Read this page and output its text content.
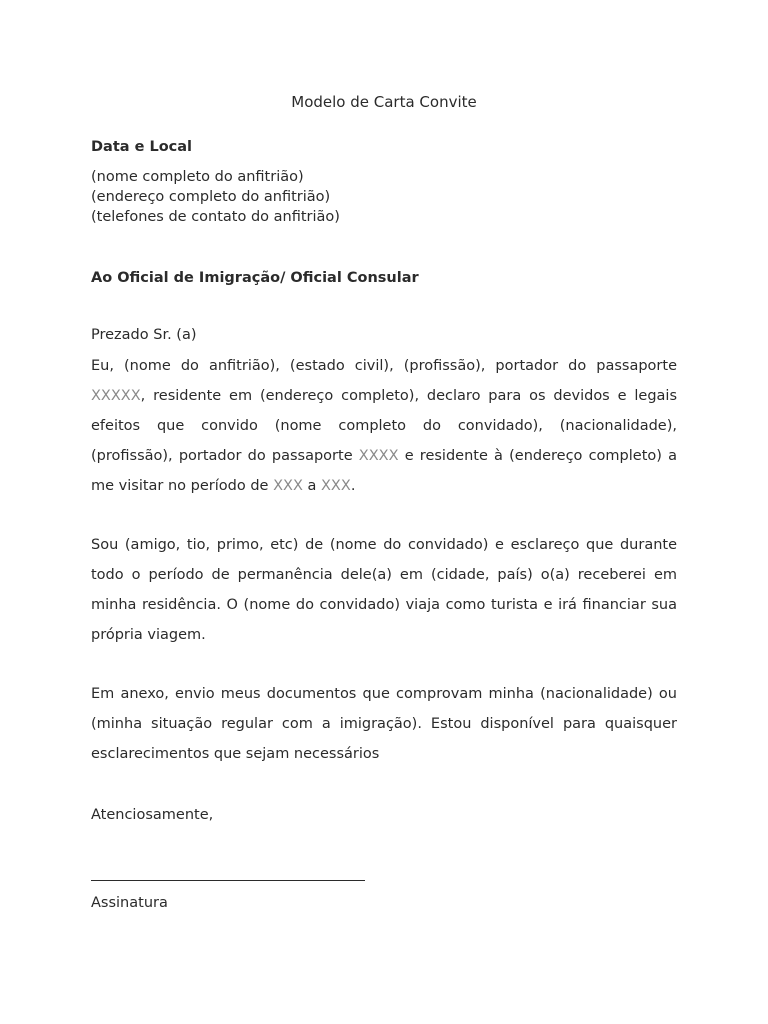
Modelo de Carta Convite
Data e Local
(nome completo do anfitrião)
(endereço completo do anfitrião)
(telefones de contato do anfitrião)
Ao Oficial de Imigração/ Oficial Consular
Prezado Sr. (a)
Eu, (nome do anfitrião), (estado civil), (profissão), portador do passaporte XXXXX, residente em (endereço completo), declaro para os devidos e legais efeitos que convido (nome completo do convidado), (nacionalidade), (profissão), portador do passaporte XXXX e residente à (endereço completo) a me visitar no período de XXX a XXX.
Sou (amigo, tio, primo, etc) de (nome do convidado) e esclareço que durante todo o período de permanência dele(a) em (cidade, país) o(a) receberei em minha residência. O (nome do convidado) viaja como turista e irá financiar sua própria viagem.
Em anexo, envio meus documentos que comprovam minha (nacionalidade) ou (minha situação regular com a imigração). Estou disponível para quaisquer esclarecimentos que sejam necessários
Atenciosamente,
Assinatura
